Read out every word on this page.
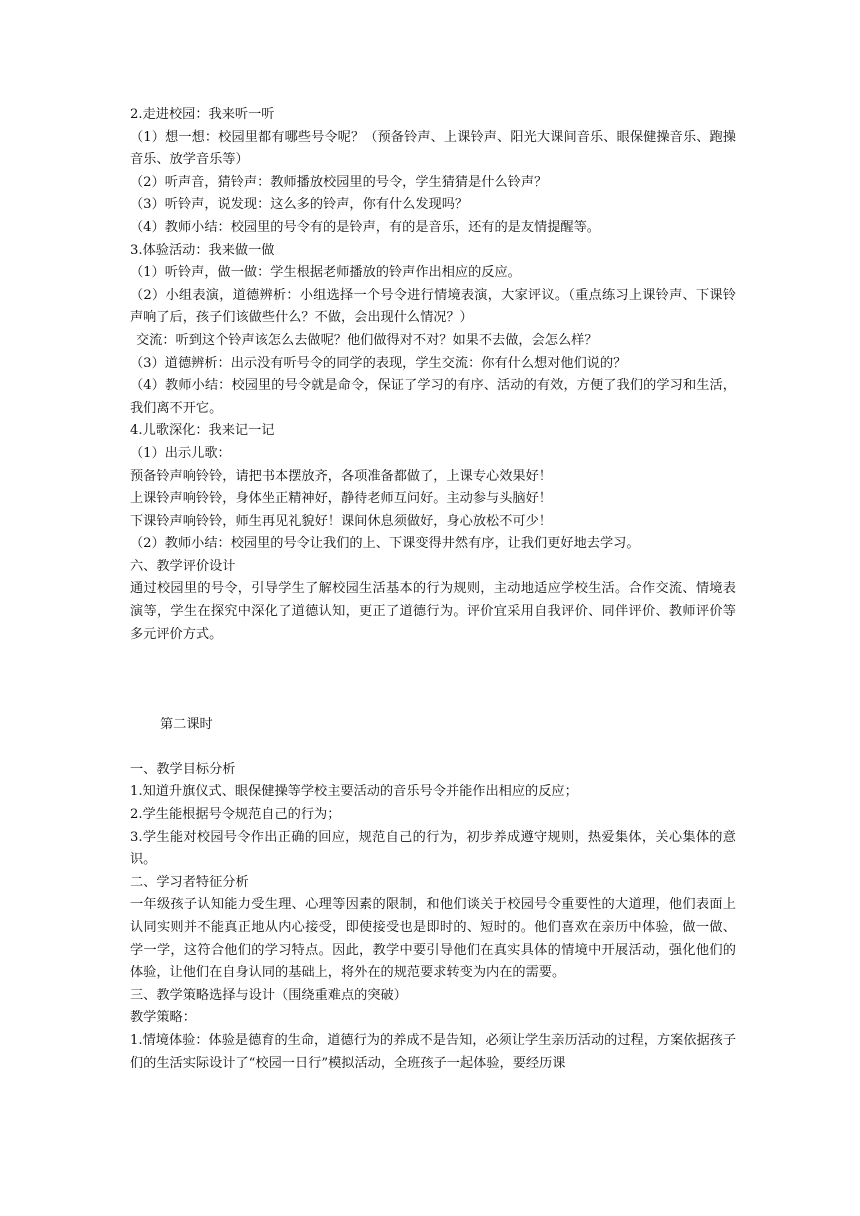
2.走进校园：我来听一听
（1）想一想：校园里都有哪些号令呢？（预备铃声、上课铃声、阳光大课间音乐、眼保健操音乐、跑操音乐、放学音乐等）
（2）听声音，猜铃声：教师播放校园里的号令，学生猜猜是什么铃声？
（3）听铃声，说发现：这么多的铃声，你有什么发现吗？
（4）教师小结：校园里的号令有的是铃声，有的是音乐，还有的是友情提醒等。
3.体验活动：我来做一做
（1）听铃声，做一做：学生根据老师播放的铃声作出相应的反应。
（2）小组表演，道德辨析：小组选择一个号令进行情境表演，大家评议。（重点练习上课铃声、下课铃声响了后，孩子们该做些什么？不做，会出现什么情况？）
交流：听到这个铃声该怎么去做呢？他们做得对不对？如果不去做，会怎么样？
（3）道德辨析：出示没有听号令的同学的表现，学生交流：你有什么想对他们说的？
（4）教师小结：校园里的号令就是命令，保证了学习的有序、活动的有效，方便了我们的学习和生活，我们离不开它。
4.儿歌深化：我来记一记
（1）出示儿歌：
预备铃声响铃铃，请把书本摆放齐，各项准备都做了，上课专心效果好！
上课铃声响铃铃，身体坐正精神好，静待老师互问好。主动参与头脑好！
下课铃声响铃铃，师生再见礼貌好！课间休息须做好，身心放松不可少！
（2）教师小结：校园里的号令让我们的上、下课变得井然有序，让我们更好地去学习。
六、教学评价设计
通过校园里的号令，引导学生了解校园生活基本的行为规则，主动地适应学校生活。合作交流、情境表演等，学生在探究中深化了道德认知，更正了道德行为。评价宜采用自我评价、同伴评价、教师评价等多元评价方式。
第二课时
一、教学目标分析
1.知道升旗仪式、眼保健操等学校主要活动的音乐号令并能作出相应的反应；
2.学生能根据号令规范自己的行为；
3.学生能对校园号令作出正确的回应，规范自己的行为，初步养成遵守规则，热爱集体，关心集体的意识。
二、学习者特征分析
一年级孩子认知能力受生理、心理等因素的限制，和他们谈关于校园号令重要性的大道理，他们表面上认同实则并不能真正地从内心接受，即使接受也是即时的、短时的。他们喜欢在亲历中体验，做一做、学一学，这符合他们的学习特点。因此，教学中要引导他们在真实具体的情境中开展活动，强化他们的体验，让他们在自身认同的基础上，将外在的规范要求转变为内在的需要。
三、教学策略选择与设计（围绕重难点的突破）
教学策略：
1.情境体验：体验是德育的生命，道德行为的养成不是告知，必须让学生亲历活动的过程，方案依据孩子们的生活实际设计了“校园一日行”模拟活动，全班孩子一起体验，要经历课
